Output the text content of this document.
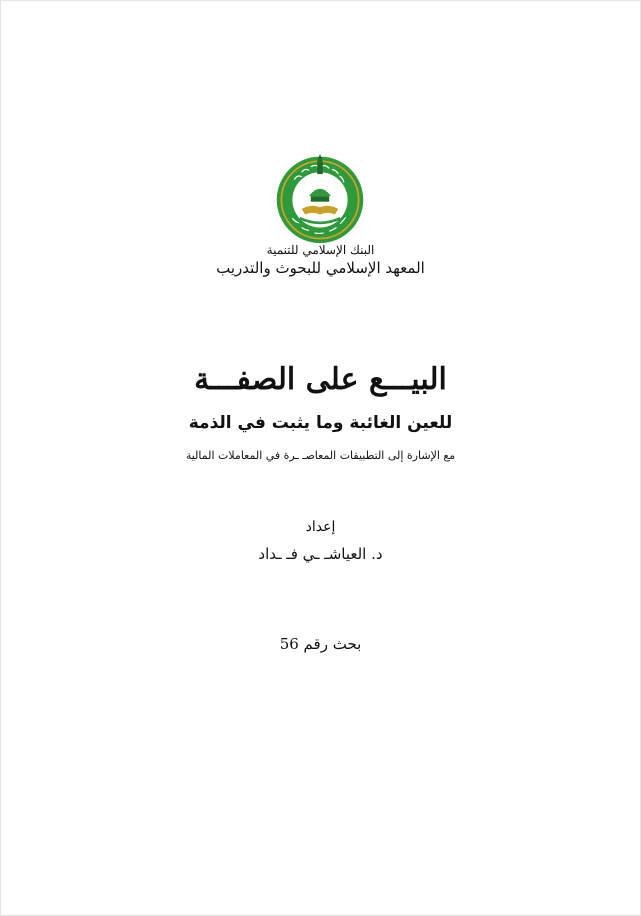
البنك الإسلامي للتنمية
المعهد الإسلامي للبحوث والتدريب
البيـــع على الصفـــة
للعين الغائبة وما يثبت في الذمة
مع الإشارة إلى التطبيقات المعاصـ ـرة في المعاملات المالية
إعداد
د. العياشـ ـي فـ ـداد
بحث رقم 56
